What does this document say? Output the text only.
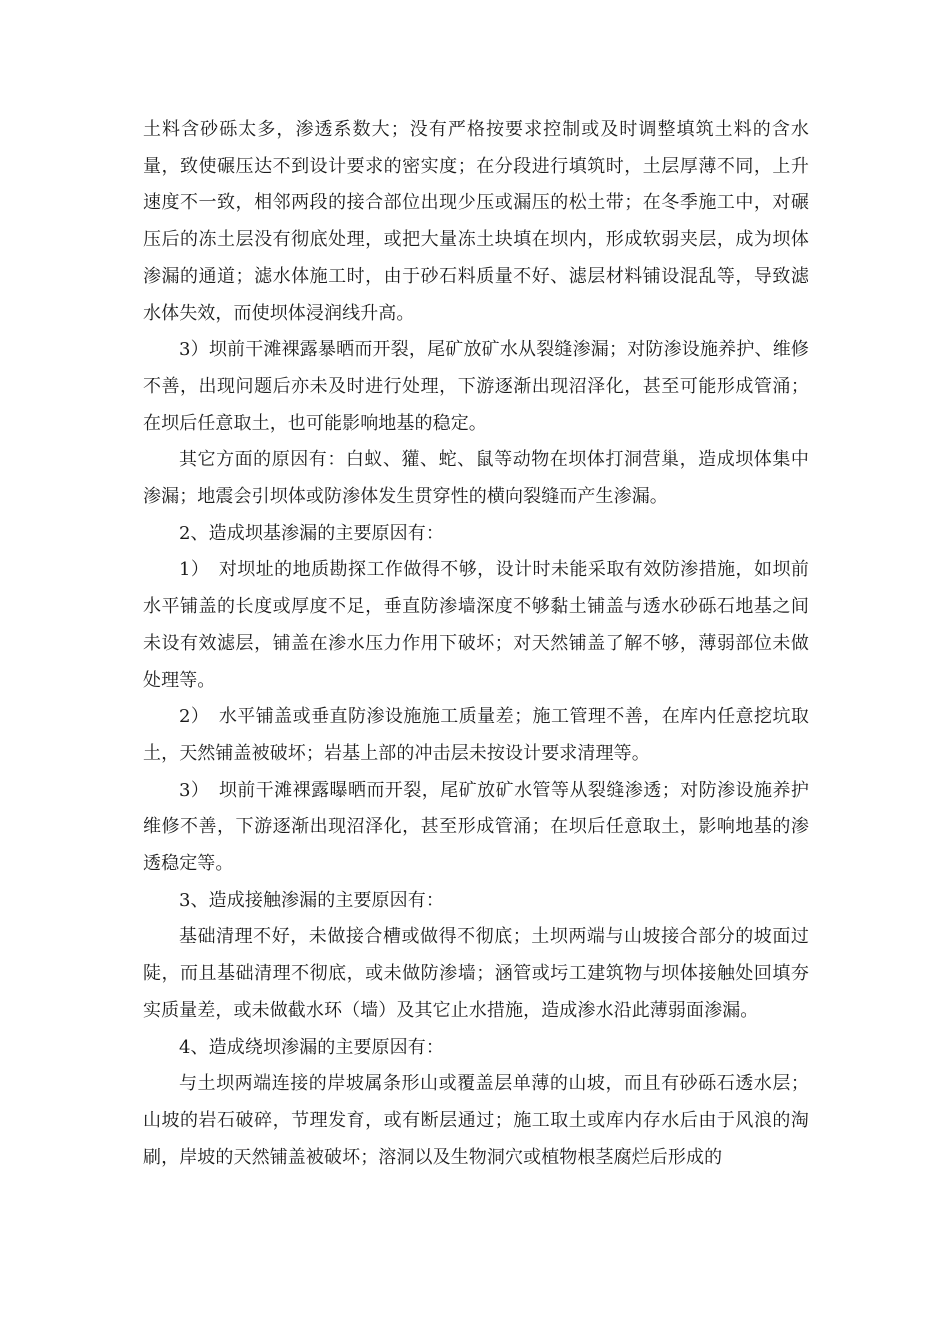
土料含砂砾太多，渗透系数大；没有严格按要求控制或及时调整填筑土料的含水量，致使碾压达不到设计要求的密实度；在分段进行填筑时，土层厚薄不同，上升速度不一致，相邻两段的接合部位出现少压或漏压的松土带；在冬季施工中，对碾压后的冻土层没有彻底处理，或把大量冻土块填在坝内，形成软弱夹层，成为坝体渗漏的通道；滤水体施工时，由于砂石料质量不好、滤层材料铺设混乱等，导致滤水体失效，而使坝体浸润线升高。

3）坝前干滩裸露暴晒而开裂，尾矿放矿水从裂缝渗漏；对防渗设施养护、维修不善，出现问题后亦未及时进行处理，下游逐渐出现沼泽化，甚至可能形成管涌；在坝后任意取土，也可能影响地基的稳定。

其它方面的原因有：白蚁、獾、蛇、鼠等动物在坝体打洞营巢，造成坝体集中渗漏；地震会引坝体或防渗体发生贯穿性的横向裂缝而产生渗漏。

2、造成坝基渗漏的主要原因有：

1）　对坝址的地质勘探工作做得不够，设计时未能采取有效防渗措施，如坝前水平铺盖的长度或厚度不足，垂直防渗墙深度不够黏土铺盖与透水砂砾石地基之间未设有效滤层，铺盖在渗水压力作用下破坏；对天然铺盖了解不够，薄弱部位未做处理等。

2）　水平铺盖或垂直防渗设施施工质量差；施工管理不善，在库内任意挖坑取土，天然铺盖被破坏；岩基上部的冲击层未按设计要求清理等。

3）　坝前干滩裸露曝晒而开裂，尾矿放矿水管等从裂缝渗透；对防渗设施养护维修不善，下游逐渐出现沼泽化，甚至形成管涌；在坝后任意取土，影响地基的渗透稳定等。

3、造成接触渗漏的主要原因有：

基础清理不好，未做接合槽或做得不彻底；土坝两端与山坡接合部分的坡面过陡，而且基础清理不彻底，或未做防渗墙；涵管或圬工建筑物与坝体接触处回填夯实质量差，或未做截水环（墙）及其它止水措施，造成渗水沿此薄弱面渗漏。

4、造成绕坝渗漏的主要原因有：

与土坝两端连接的岸坡属条形山或覆盖层单薄的山坡，而且有砂砾石透水层；山坡的岩石破碎，节理发育，或有断层通过；施工取土或库内存水后由于风浪的淘刷，岸坡的天然铺盖被破坏；溶洞以及生物洞穴或植物根茎腐烂后形成的
